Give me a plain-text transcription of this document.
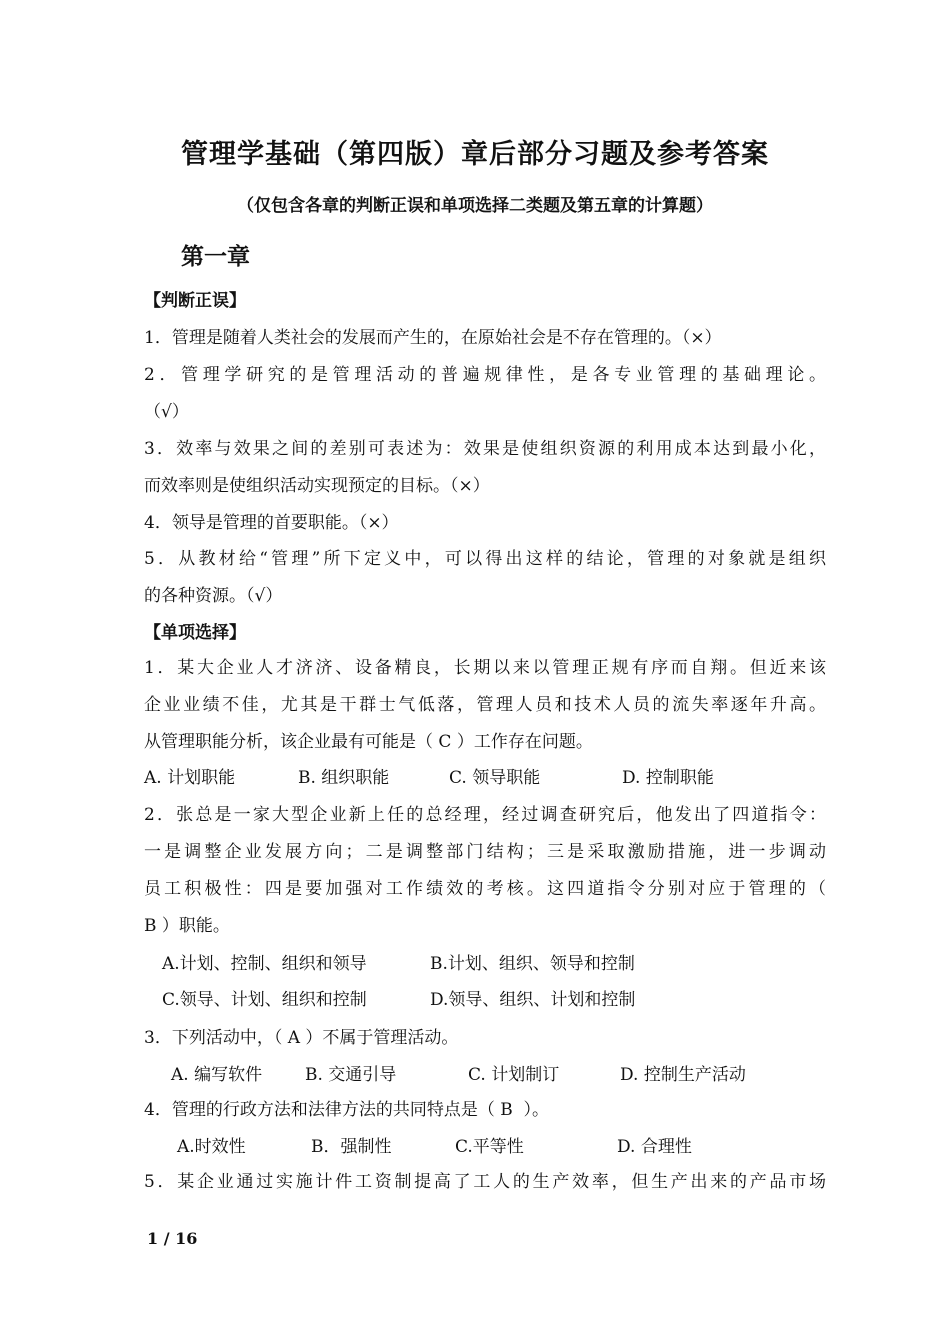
管理学基础（第四版）章后部分习题及参考答案
（仅包含各章的判断正误和单项选择二类题及第五章的计算题）
第一章
【判断正误】
1．管理是随着人类社会的发展而产生的，在原始社会是不存在管理的。（×）
2．管理学研究的是管理活动的普遍规律性，是各专业管理的基础理论。
（√）
3．效率与效果之间的差别可表述为：效果是使组织资源的利用成本达到最小化，
而效率则是使组织活动实现预定的目标。（×）
4．领导是管理的首要职能。（×）
5．从教材给“管理”所下定义中，可以得出这样的结论，管理的对象就是组织
的各种资源。（√）
【单项选择】
1．某大企业人才济济、设备精良，长期以来以管理正规有序而自翔。但近来该
企业业绩不佳，尤其是干群士气低落，管理人员和技术人员的流失率逐年升高。
从管理职能分析，该企业最有可能是（ C ）工作存在问题。
A. 计划职能	B. 组织职能	C. 领导职能	D. 控制职能
2．张总是一家大型企业新上任的总经理，经过调查研究后，他发出了四道指令：
一是调整企业发展方向；二是调整部门结构；三是采取激励措施，进一步调动
员工积极性：四是要加强对工作绩效的考核。这四道指令分别对应于管理的（
B ）职能。
A.计划、控制、组织和领导	B.计划、组织、领导和控制
C.领导、计划、组织和控制	D.领导、组织、计划和控制
3．下列活动中，（ A ）不属于管理活动。
A. 编写软件	B. 交通引导	C. 计划制订	D. 控制生产活动
4．管理的行政方法和法律方法的共同特点是（ B  ）。
A.时效性	B．强制性	C.平等性	D. 合理性
5．某企业通过实施计件工资制提高了工人的生产效率，但生产出来的产品市场
1 / 16
